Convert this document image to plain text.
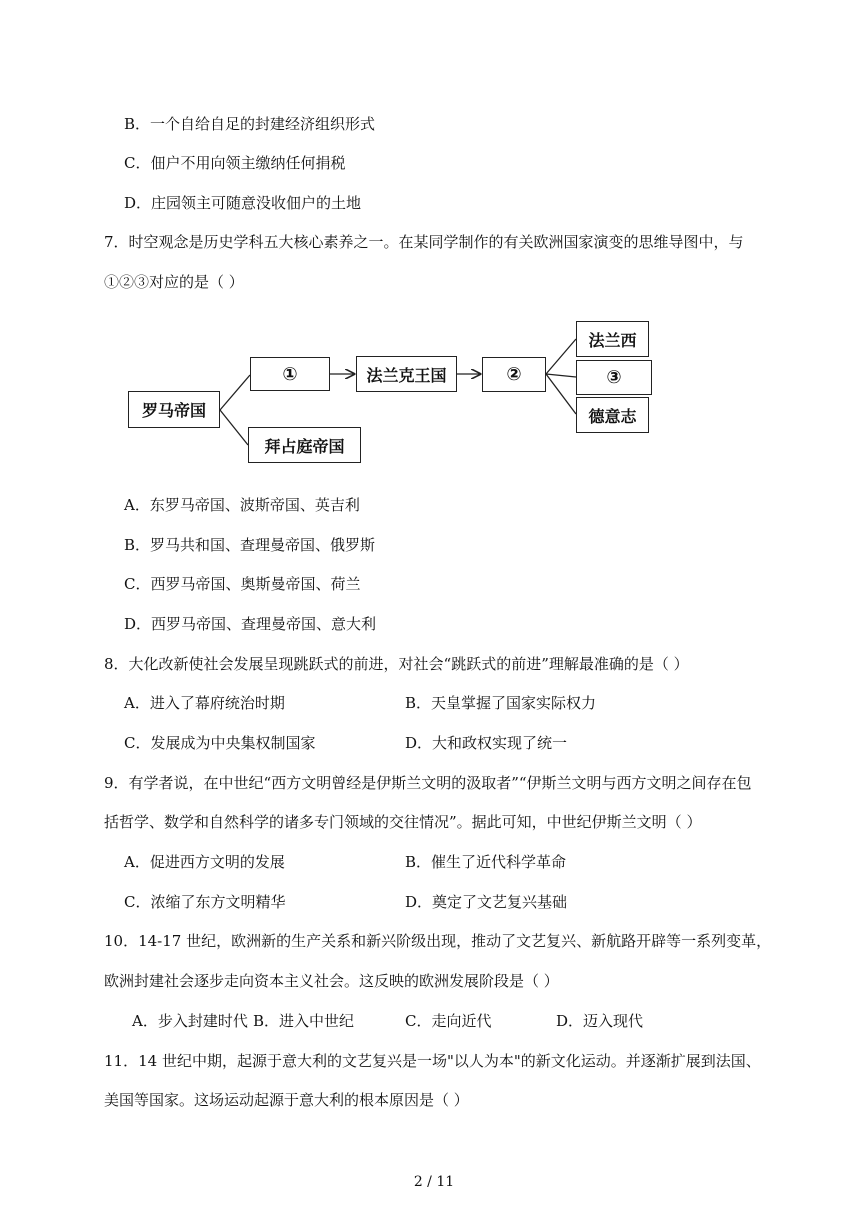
B．一个自给自足的封建经济组织形式
C．佃户不用向领主缴纳任何捐税
D．庄园领主可随意没收佃户的土地
7．时空观念是历史学科五大核心素养之一。在某同学制作的有关欧洲国家演变的思维导图中，与
①②③对应的是（ ）
罗马帝国
①	法兰克王国	②
法兰西
③
德意志
拜占庭帝国
A．东罗马帝国、波斯帝国、英吉利
B．罗马共和国、查理曼帝国、俄罗斯
C．西罗马帝国、奥斯曼帝国、荷兰
D．西罗马帝国、查理曼帝国、意大利
8．大化改新使社会发展呈现跳跃式的前进，对社会“跳跃式的前进”理解最准确的是（ ）
A．进入了幕府统治时期	B．天皇掌握了国家实际权力
C．发展成为中央集权制国家	D．大和政权实现了统一
9．有学者说，在中世纪“西方文明曾经是伊斯兰文明的汲取者”“伊斯兰文明与西方文明之间存在包
括哲学、数学和自然科学的诸多专门领域的交往情况”。据此可知，中世纪伊斯兰文明（ ）
A．促进西方文明的发展	B．催生了近代科学革命
C．浓缩了东方文明精华	D．奠定了文艺复兴基础
10．14-17 世纪，欧洲新的生产关系和新兴阶级出现，推动了文艺复兴、新航路开辟等一系列变革，
欧洲封建社会逐步走向资本主义社会。这反映的欧洲发展阶段是（ ）
A．步入封建时代 B．进入中世纪	C．走向近代	D．迈入现代
11．14 世纪中期，起源于意大利的文艺复兴是一场"以人为本"的新文化运动。并逐渐扩展到法国、
美国等国家。这场运动起源于意大利的根本原因是（ ）
2 / 11
